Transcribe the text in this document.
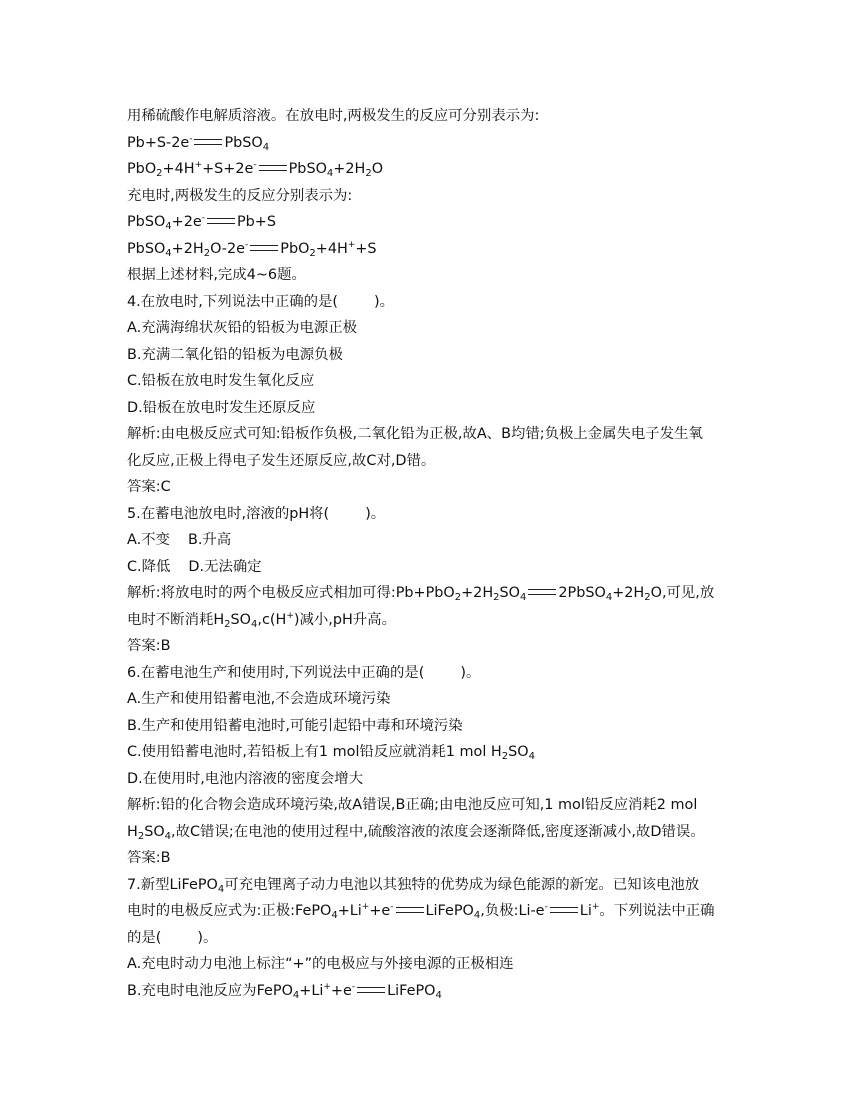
用稀硫酸作电解质溶液。在放电时,两极发生的反应可分别表示为:
Pb+S-2e- PbSO$_4$
PbO$_2$+4H++S+2e- $PbSO_4+2H_2O$
充电时,两极发生的反应分别表示为:
PbSO$_4$+2e- Pb+S
$PbSO_4+2H_2O-2e^-$ PbO$_2$+4H++S
根据上述材料,完成4~6题。
4.在放电时,下列说法中正确的是(	)。
A.充满海绵状灰铅的铅板为电源正极
B.充满二氧化铅的铅板为电源负极
C.铅板在放电时发生氧化反应
D.铅板在放电时发生还原反应
解析:由电极反应式可知:铅板作负极,二氧化铅为正极,故A、B均错;负极上金属失电子发生氧
化反应,正极上得电子发生还原反应,故C对,D错。
答案:C
5.在蓄电池放电时,溶液的pH将(	)。
A.不变 B.升高
C.降低 D.无法确定
解析:将放电时的两个电极反应式相加可得$:Pb+PbO_2+2H_2SO_4$ $2PbSO_4+2H_2O$,可见,放
电时不断消耗$H_2SO_4,c(H^+)$减小,pH升高。
答案:B
6.在蓄电池生产和使用时,下列说法中正确的是(	)。
A.生产和使用铅蓄电池,不会造成环境污染
B.生产和使用铅蓄电池时,可能引起铅中毒和环境污染
C.使用铅蓄电池时,若铅板上有1 mol铅反应就消耗1 mol $H_2SO_4$
D.在使用时,电池内溶液的密度会增大
解析:铅的化合物会造成环境污染,故A错误,B正确;由电池反应可知,1 mol铅反应消耗2 mol
$H_2SO_4$,故C错误;在电池的使用过程中,硫酸溶液的浓度会逐渐降低,密度逐渐减小,故D错误。
答案:B
7.新型LiFePO$_4$可充电锂离子动力电池以其独特的优势成为绿色能源的新宠。已知该电池放
电时的电极反应式为:正极:FePO$_4$+Li++e- LiFePO$_4$,负极:Li-e- Li+。下列说法中正确
的是(	)。
A.充电时动力电池上标注“+”的电极应与外接电源的正极相连
B.充电时电池反应为FePO$_4$+Li++e- LiFePO$_4$
